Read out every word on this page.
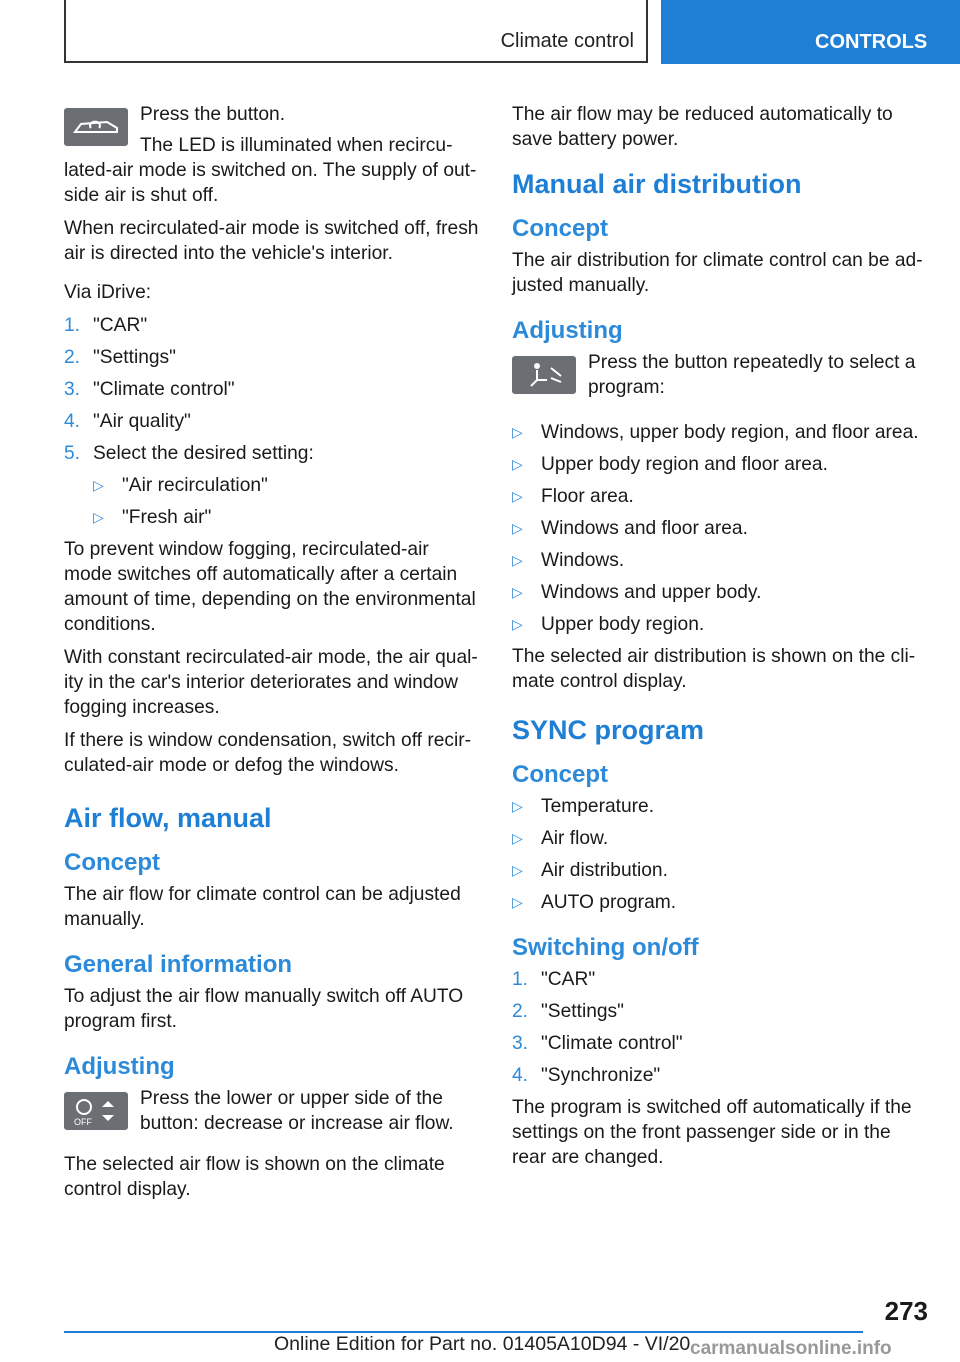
Climate control	CONTROLS

Press the button.

The LED is illuminated when recircu-

lated-air mode is switched on. The supply of out-side air is shut off.

When recirculated-air mode is switched off, fresh air is directed into the vehicle's interior.

Via iDrive:

1. "CAR"
2. "Settings"
3. "Climate control"
4. "Air quality"
5. Select the desired setting:
▷ "Air recirculation"
▷ "Fresh air"

To prevent window fogging, recirculated-air mode switches off automatically after a certain amount of time, depending on the environmental conditions.

With constant recirculated-air mode, the air qual-ity in the car's interior deteriorates and window fogging increases.

If there is window condensation, switch off recir-culated-air mode or defog the windows.

Air flow, manual
Concept

The air flow for climate control can be adjusted manually.

General information

To adjust the air flow manually switch off AUTO program first.

Adjusting
OFF

Press the lower or upper side of the button: decrease or increase air flow.

The selected air flow is shown on the climate control display.

The air flow may be reduced automatically to save battery power.

Manual air distribution
Concept

The air distribution for climate control can be ad-justed manually.

Adjusting

Press the button repeatedly to select a program:

▷ Windows, upper body region, and floor area.
▷ Upper body region and floor area.
▷ Floor area.
▷ Windows and floor area.
▷ Windows.
▷ Windows and upper body.
▷ Upper body region.

The selected air distribution is shown on the cli-mate control display.

SYNC program
Concept
▷ Temperature.
▷ Air flow.
▷ Air distribution.
▷ AUTO program.
Switching on/off
1. "CAR"
2. "Settings"
3. "Climate control"
4. "Synchronize"

The program is switched off automatically if the settings on the front passenger side or in the rear are changed.

273
Online Edition for Part no. 01405A10D94 - VI/20 carmanualsonline.info
